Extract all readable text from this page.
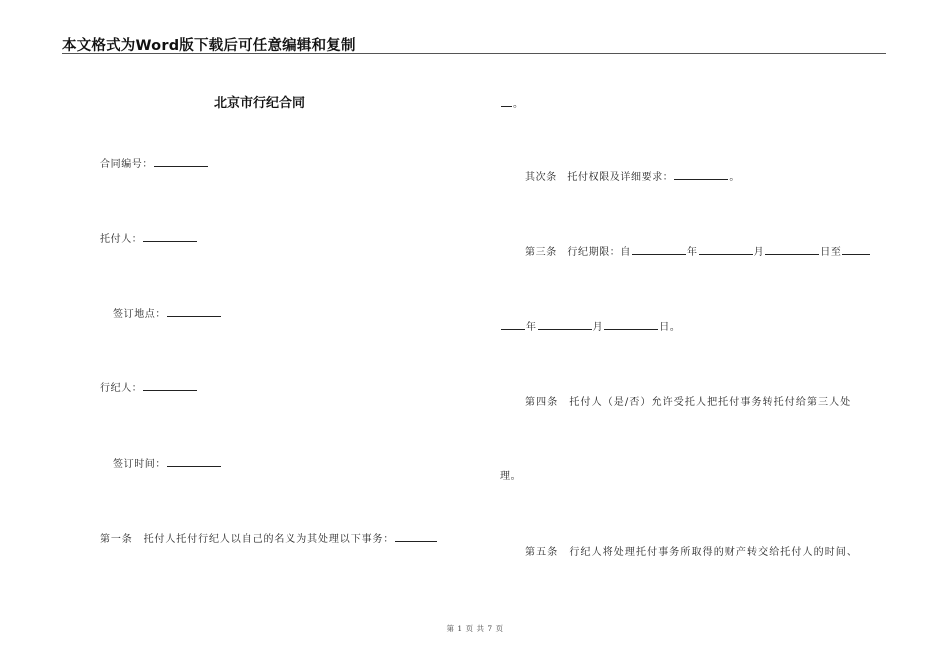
本文格式为Word版下载后可任意编辑和复制
北京市行纪合同
合同编号：
托付人：
签订地点：
行纪人：
签订时间：
第一条　托付人托付行纪人以自己的名义为其处理以下事务：
。
其次条　托付权限及详细要求：	。
第三条　行纪期限：自	年	月	日至
年	月	日。
第四条　托付人（是/否）允许受托人把托付事务转托付给第三人处
理。
第五条　行纪人将处理托付事务所取得的财产转交给托付人的时间、
第 1 页 共 7 页
